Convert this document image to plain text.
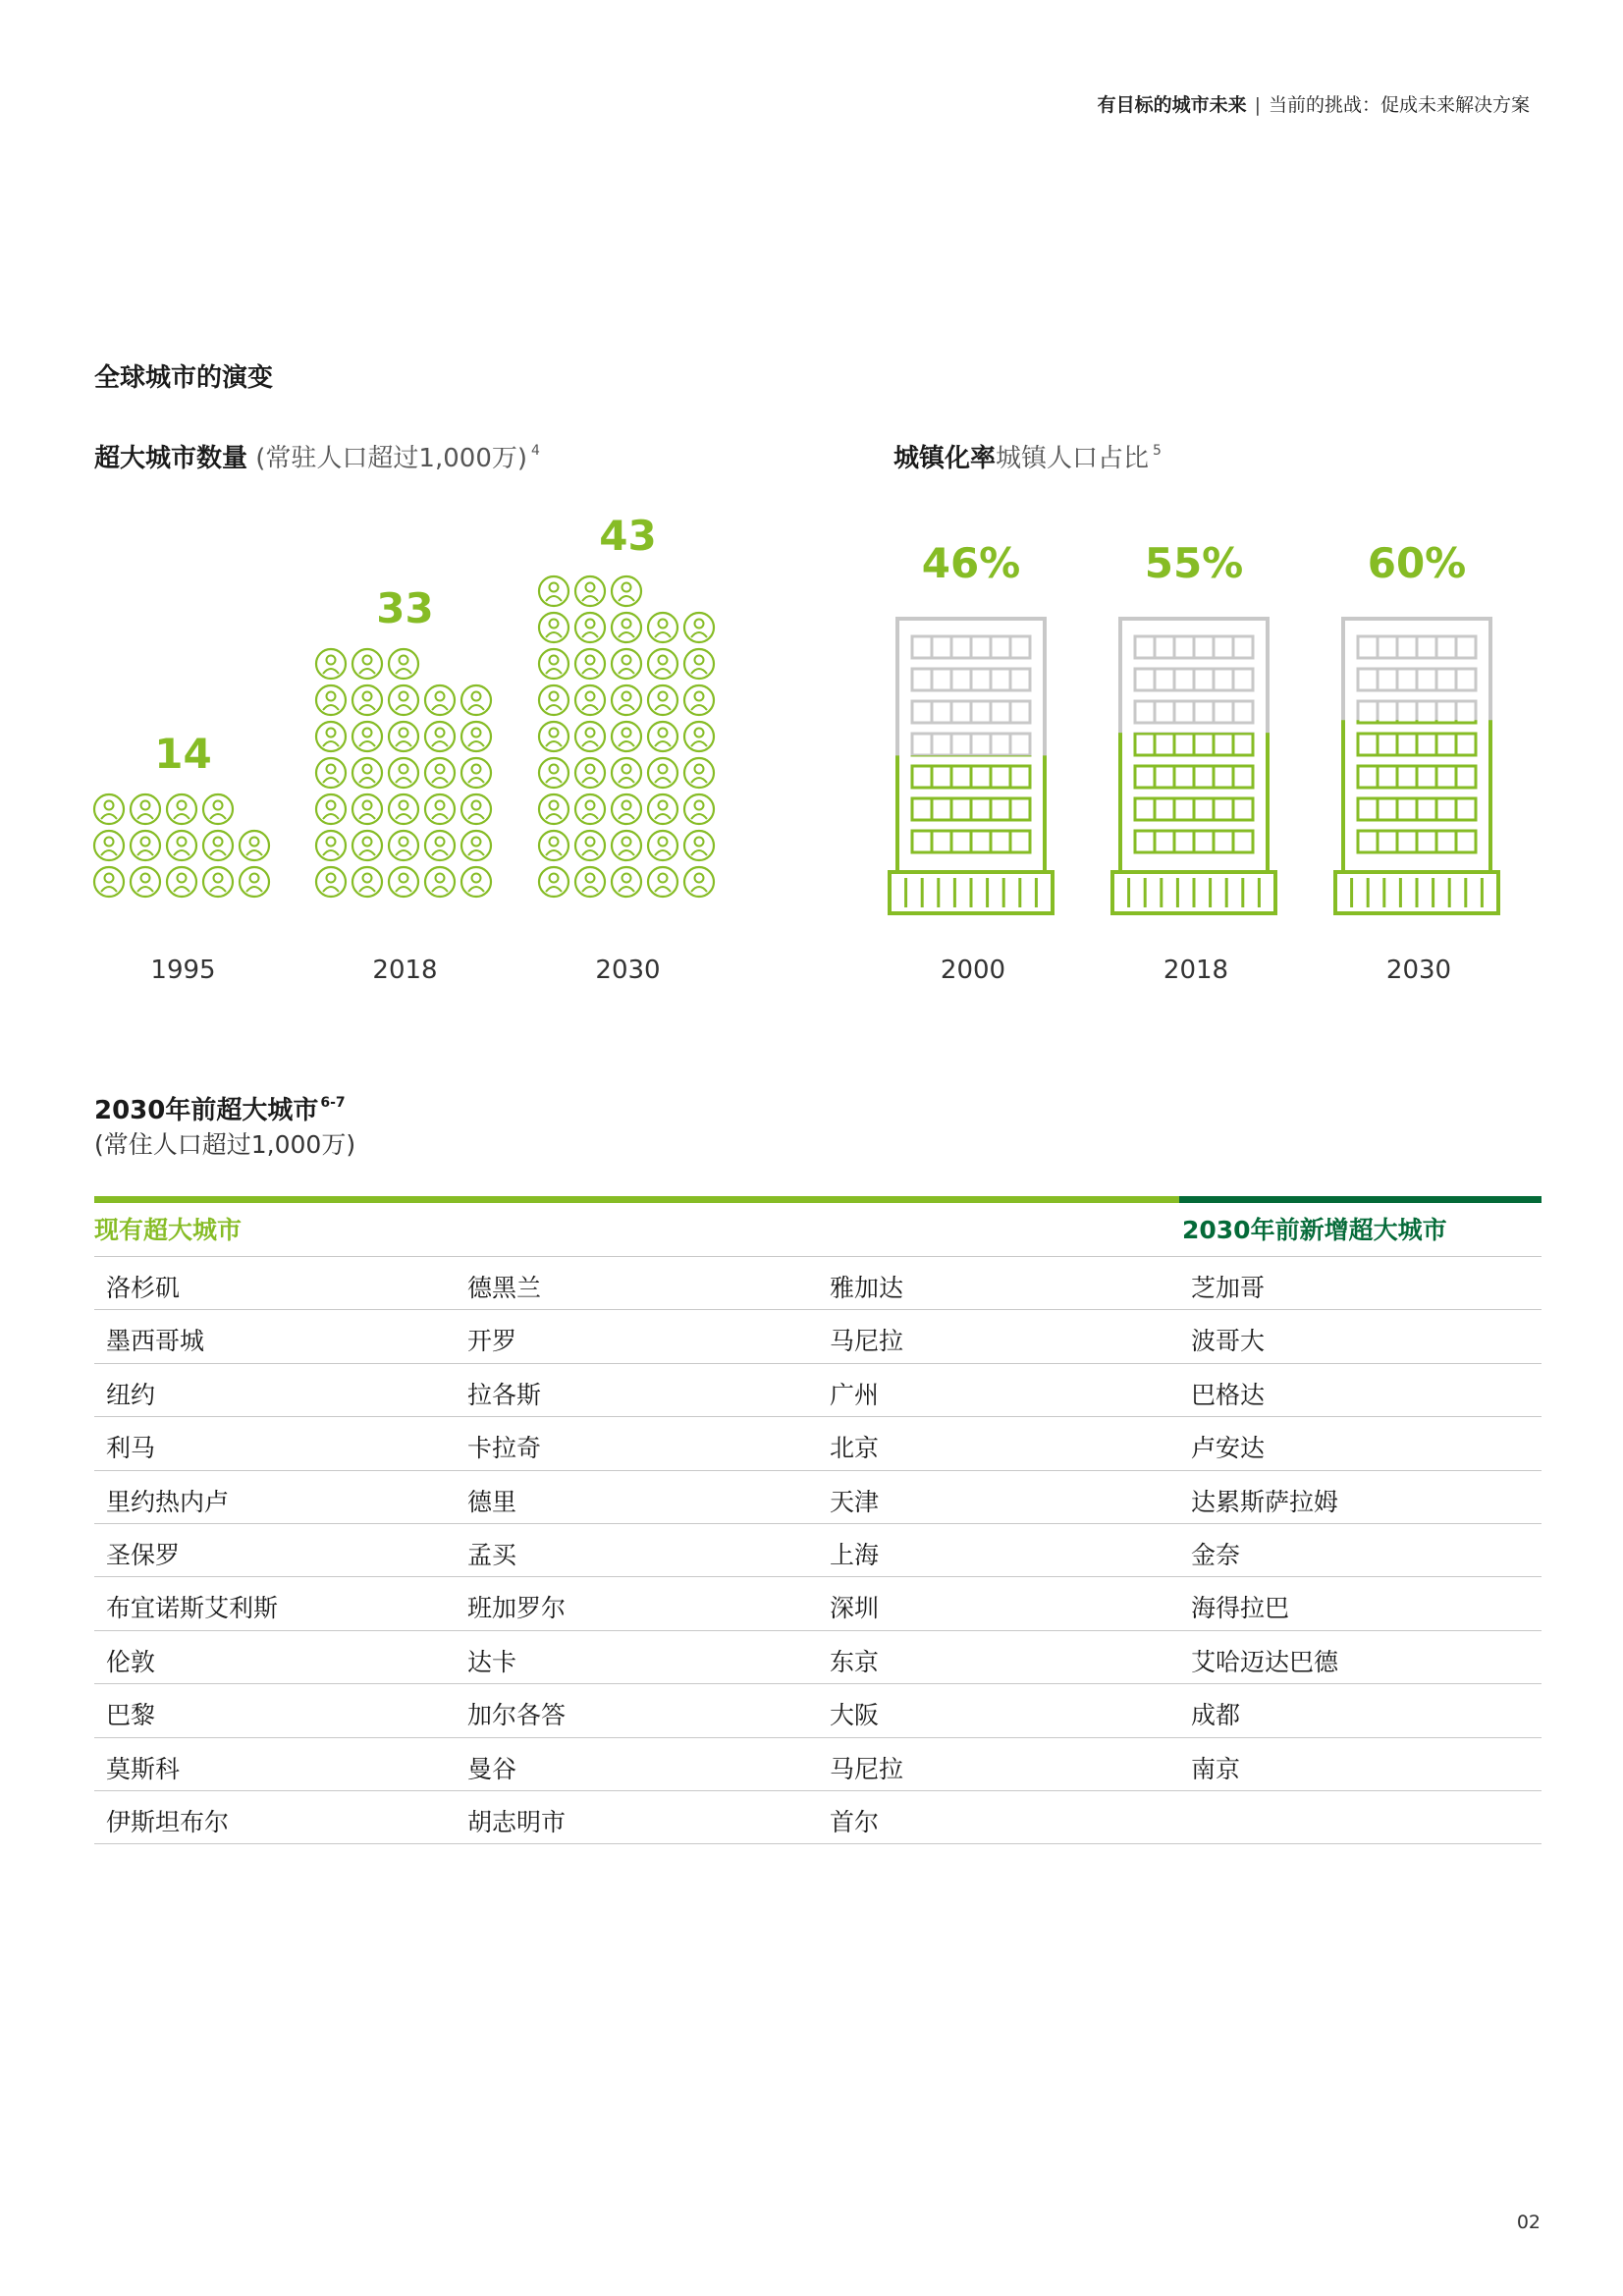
有目标的城市未来 | 当前的挑战：促成未来解决方案
全球城市的演变
超大城市数量 (常驻人口超过1,000万) $^4$	城镇化率城镇人口占比 $^5$
14
1995
33
2018
43
2030
46%
2000
55%
2018
60%
2030
2030年前超大城市 $^{6-7}$
(常住人口超过1,000万)
现有超大城市	2030年前新增超大城市
洛杉矶
墨西哥城
纽约
利马
里约热内卢
圣保罗
布宜诺斯艾利斯
伦敦
巴黎
莫斯科
伊斯坦布尔
德黑兰
开罗
拉各斯
卡拉奇
德里
孟买
班加罗尔
达卡
加尔各答
曼谷
胡志明市
雅加达
马尼拉
广州
北京
天津
上海
深圳
东京
大阪
马尼拉
首尔
芝加哥
波哥大
巴格达
卢安达
达累斯萨拉姆
金奈
海得拉巴
艾哈迈达巴德
成都
南京
02
